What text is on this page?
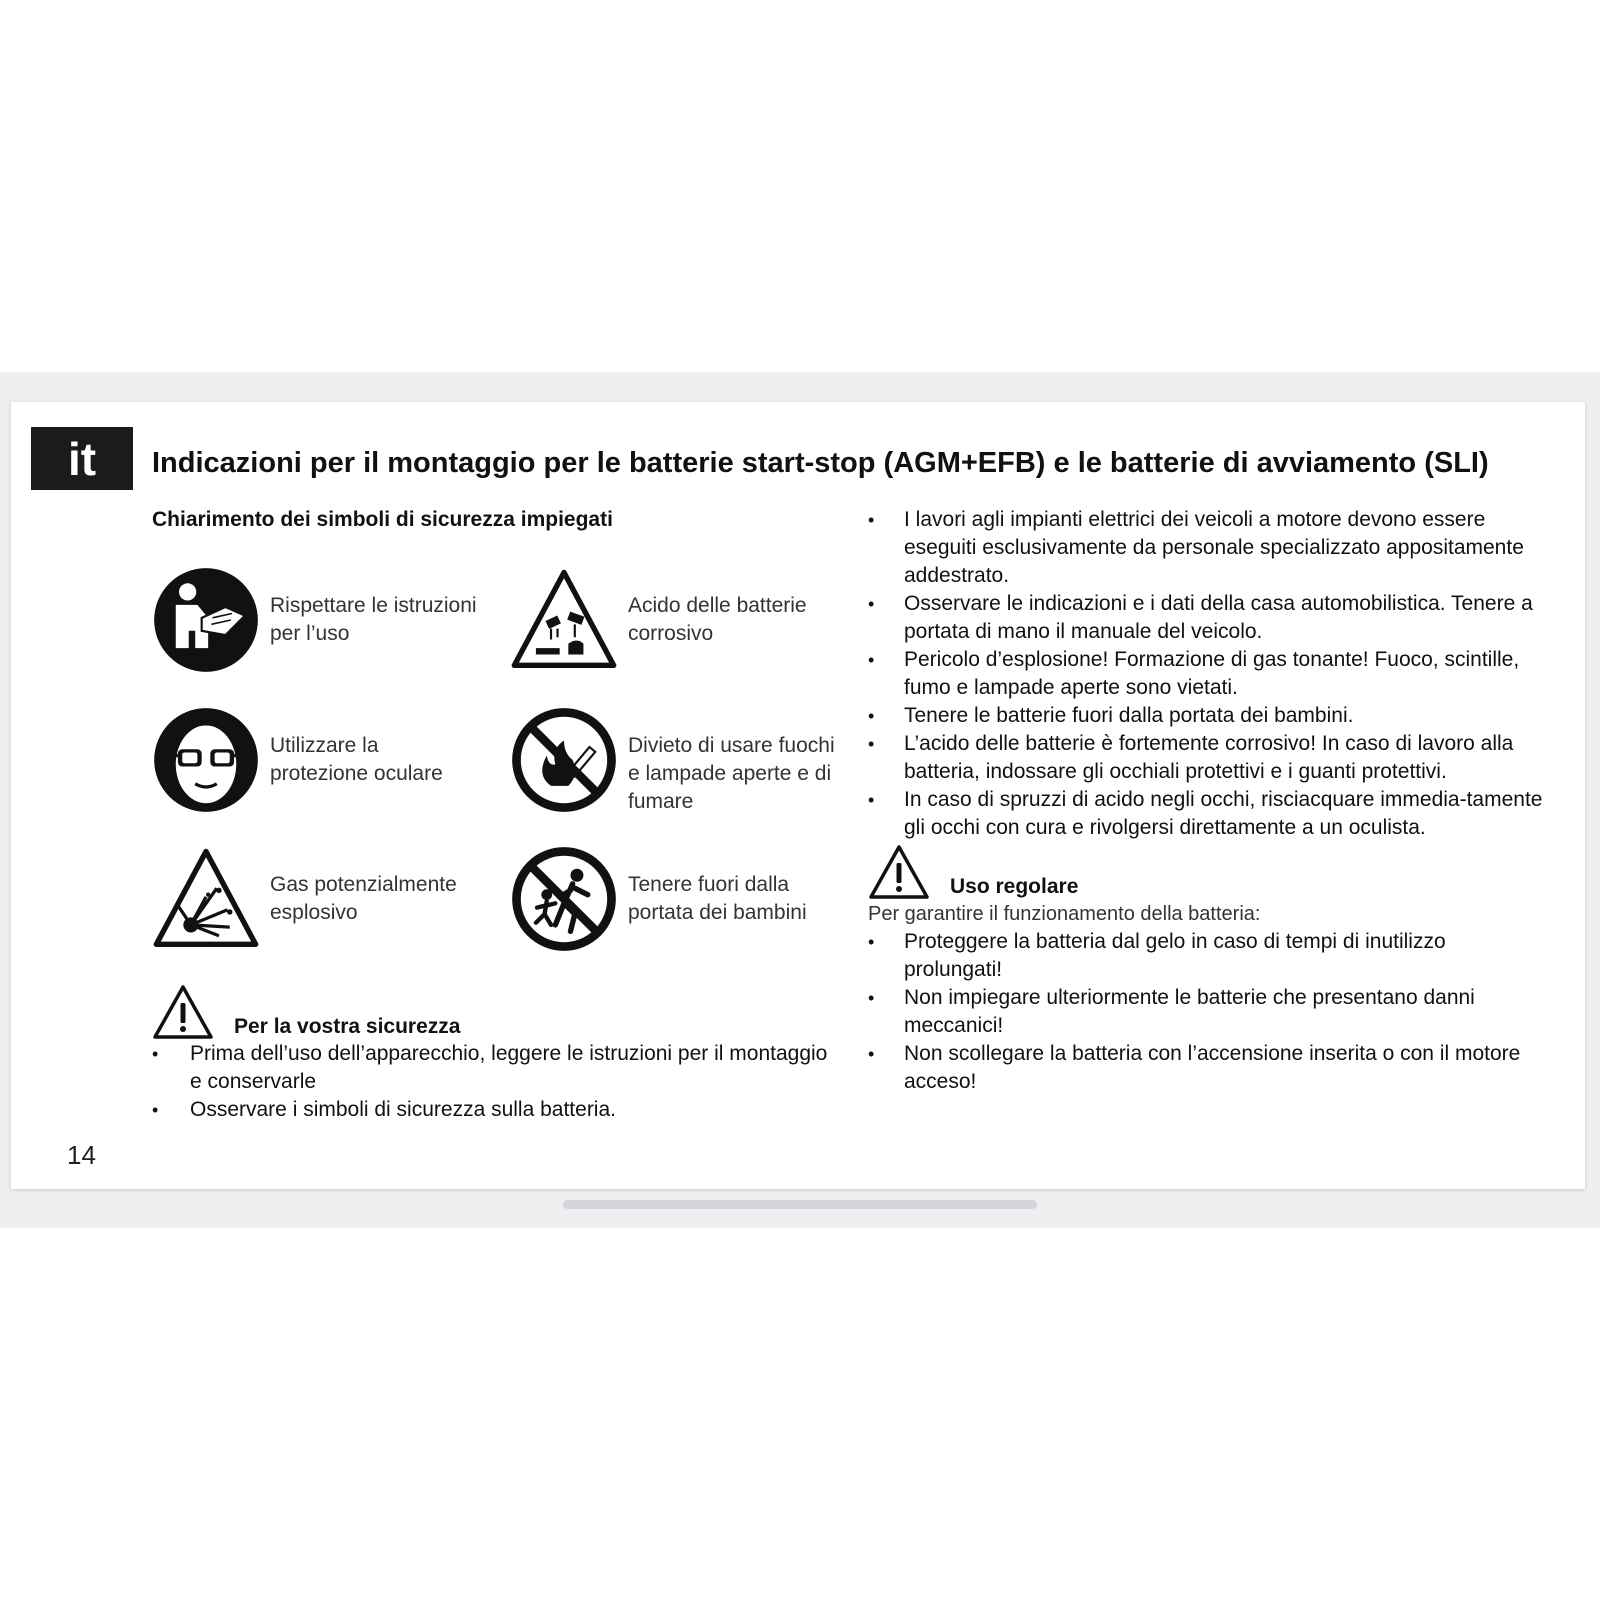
it Indicazioni per il montaggio per le batterie start-stop (AGM+EFB) e le batterie di avviamento (SLI)
Chiarimento dei simboli di sicurezza impiegati
Rispettare le istruzioni per l’uso
Acido delle batterie corrosivo
Utilizzare la protezione oculare
Divieto di usare fuochi e lampade aperte e di fumare
Gas potenzialmente esplosivo
Tenere fuori dalla portata dei bambini
Per la vostra sicurezza
• Prima dell’uso dell’apparecchio, leggere le istruzioni per il montaggio e conservarle
• Osservare i simboli di sicurezza sulla batteria.
• I lavori agli impianti elettrici dei veicoli a motore devono essere eseguiti esclusivamente da personale specializzato appositamente addestrato.
• Osservare le indicazioni e i dati della casa automobilistica. Tenere a portata di mano il manuale del veicolo.
• Pericolo d’esplosione! Formazione di gas tonante! Fuoco, scintille, fumo e lampade aperte sono vietati.
• Tenere le batterie fuori dalla portata dei bambini.
• L’acido delle batterie è fortemente corrosivo! In caso di lavoro alla batteria, indossare gli occhiali protettivi e i guanti protettivi.
• In caso di spruzzi di acido negli occhi, risciacquare immedia-tamente gli occhi con cura e rivolgersi direttamente a un oculista.
Uso regolare

Per garantire il funzionamento della batteria:

• Proteggere la batteria dal gelo in caso di tempi di inutilizzo prolungati!
• Non impiegare ulteriormente le batterie che presentano danni meccanici!
• Non scollegare la batteria con l’accensione inserita o con il motore acceso!
14
